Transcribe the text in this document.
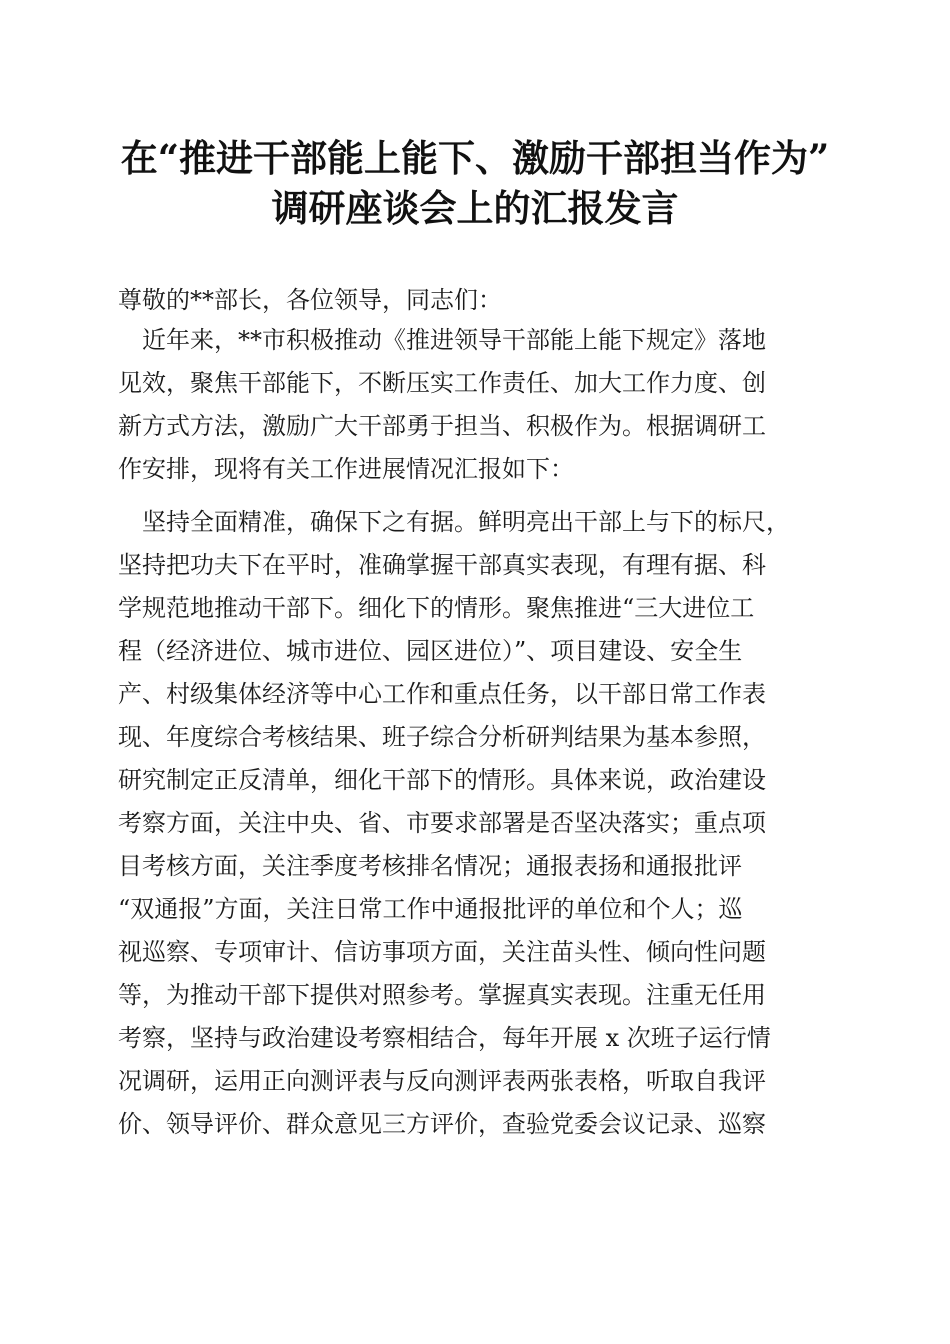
在“推进干部能上能下、激励干部担当作为”
调研座谈会上的汇报发言
尊敬的**部长，各位领导，同志们：
　近年来，**市积极推动《推进领导干部能上能下规定》落地
见效，聚焦干部能下，不断压实工作责任、加大工作力度、创
新方式方法，激励广大干部勇于担当、积极作为。根据调研工
作安排，现将有关工作进展情况汇报如下：
　坚持全面精准，确保下之有据。鲜明亮出干部上与下的标尺，
坚持把功夫下在平时，准确掌握干部真实表现，有理有据、科
学规范地推动干部下。细化下的情形。聚焦推进“三大进位工
程（经济进位、城市进位、园区进位）”、项目建设、安全生
产、村级集体经济等中心工作和重点任务，以干部日常工作表
现、年度综合考核结果、班子综合分析研判结果为基本参照，
研究制定正反清单，细化干部下的情形。具体来说，政治建设
考察方面，关注中央、省、市要求部署是否坚决落实；重点项
目考核方面，关注季度考核排名情况；通报表扬和通报批评
“双通报”方面，关注日常工作中通报批评的单位和个人；巡
视巡察、专项审计、信访事项方面，关注苗头性、倾向性问题
等，为推动干部下提供对照参考。掌握真实表现。注重无任用
考察，坚持与政治建设考察相结合，每年开展 x 次班子运行情
况调研，运用正向测评表与反向测评表两张表格，听取自我评
价、领导评价、群众意见三方评价，查验党委会议记录、巡察
